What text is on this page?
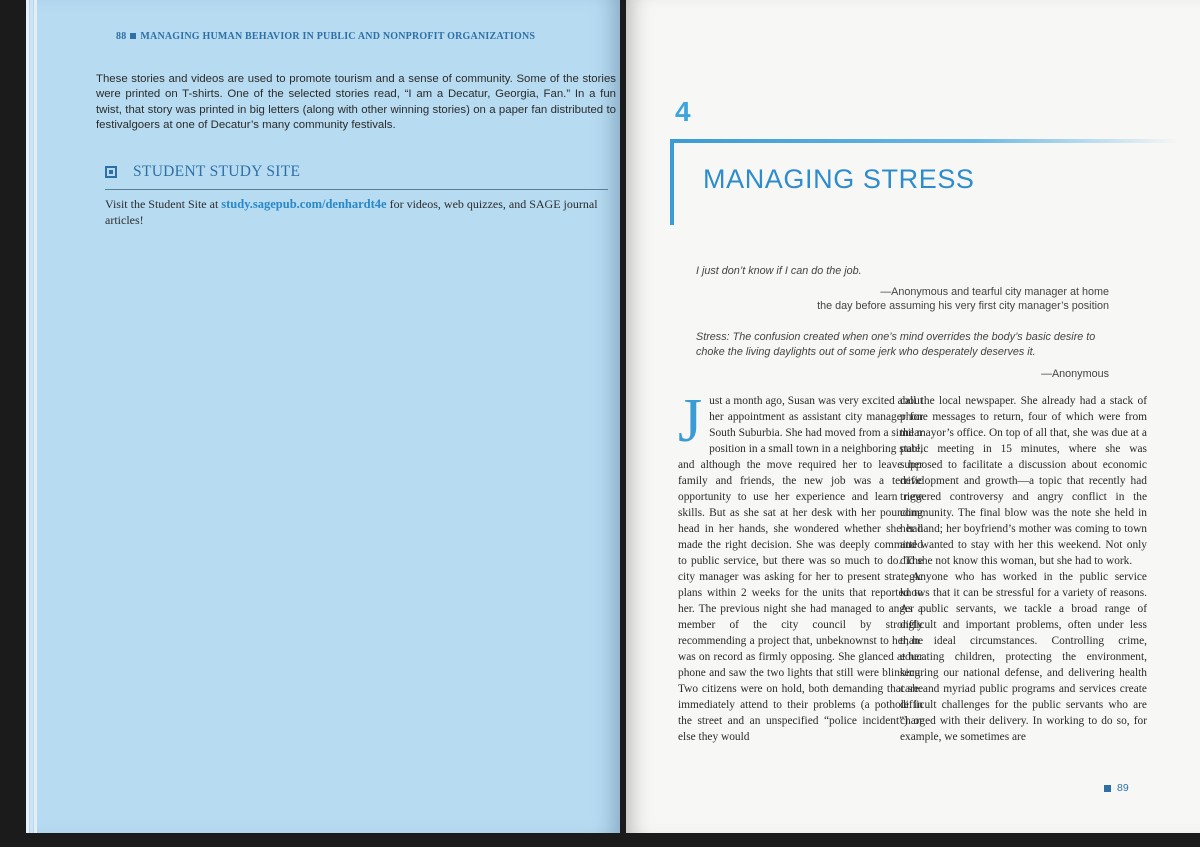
88 MANAGING HUMAN BEHAVIOR IN PUBLIC AND NONPROFIT ORGANIZATIONS
These stories and videos are used to promote tourism and a sense of community. Some of the stories were printed on T-shirts. One of the selected stories read, “I am a Decatur, Georgia, Fan.” In a fun twist, that story was printed in big letters (along with other winning stories) on a paper fan distributed to festivalgoers at one of Decatur’s many community festivals.
STUDENT STUDY SITE
Visit the Student Site at study.sagepub.com/denhardt4e for videos, web quizzes, and SAGE journal articles!
4
MANAGING STRESS
I just don’t know if I can do the job.
—Anonymous and tearful city manager at home
the day before assuming his very first city manager’s position
Stress: The confusion created when one’s mind overrides the body’s basic desire to
choke the living daylights out of some jerk who desperately deserves it.
—Anonymous
J ust a month ago, Susan was very excited about her appointment as assistant city manager for South Suburbia. She had moved from a similar position in a small town in a neighboring state, and although the move required her to leave her family and friends, the new job was a terrific opportunity to use her experience and learn new skills. But as she sat at her desk with her pounding head in her hands, she wondered whether she had made the right decision. She was deeply committed to public service, but there was so much to do. The city manager was asking for her to present strategic plans within 2 weeks for the units that reported to her. The previous night she had managed to anger a member of the city council by strongly recommending a project that, unbeknownst to her, he was on record as firmly opposing. She glanced at her phone and saw the two lights that still were blinking. Two citizens were on hold, both demanding that she immediately attend to their problems (a pothole in the street and an unspecified “police incident”) or else they would

call the local newspaper. She already had a stack of phone messages to return, four of which were from the mayor’s office. On top of all that, she was due at a public meeting in 15 minutes, where she was supposed to facilitate a discussion about economic development and growth—a topic that recently had triggered controversy and angry conflict in the community. The final blow was the note she held in her hand; her boyfriend’s mother was coming to town and wanted to stay with her this weekend. Not only did she not know this woman, but she had to work.

Anyone who has worked in the public service knows that it can be stressful for a variety of reasons. As public servants, we tackle a broad range of difficult and important problems, often under less than ideal circumstances. Controlling crime, educating children, protecting the environment, securing our national defense, and delivering health care and myriad public programs and services create difficult challenges for the public servants who are charged with their delivery. In working to do so, for example, we sometimes are

89
